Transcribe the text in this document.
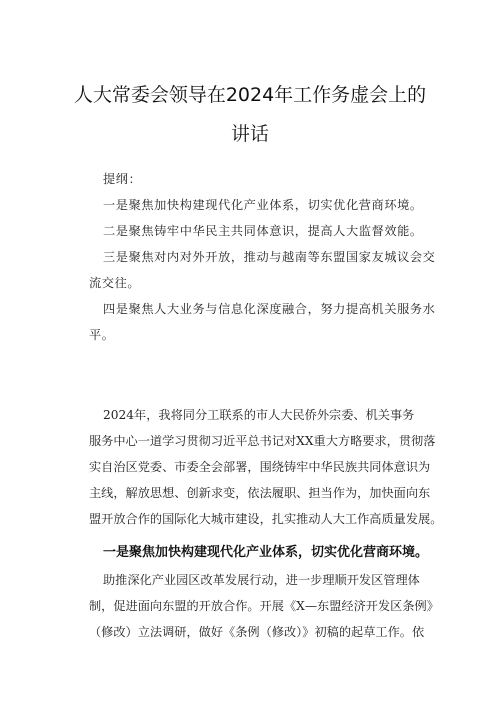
人大常委会领导在2024年工作务虚会上的
讲话
提纲：
一是聚焦加快构建现代化产业体系，切实优化营商环境。
二是聚焦铸牢中华民主共同体意识，提高人大监督效能。
三是聚焦对内对外开放，推动与越南等东盟国家友城议会交
流交往。
四是聚焦人大业务与信息化深度融合，努力提高机关服务水
平。
2024年，我将同分工联系的市人大民侨外宗委、机关事务
服务中心一道学习贯彻习近平总书记对XX重大方略要求，贯彻落
实自治区党委、市委全会部署，围绕铸牢中华民族共同体意识为
主线，解放思想、创新求变，依法履职、担当作为，加快面向东
盟开放合作的国际化大城市建设，扎实推动人大工作高质量发展。
一是聚焦加快构建现代化产业体系，切实优化营商环境。
助推深化产业园区改革发展行动，进一步理顺开发区管理体
制，促进面向东盟的开放合作。开展《X—东盟经济开发区条例》
（修改）立法调研，做好《条例（修改）》初稿的起草工作。依
